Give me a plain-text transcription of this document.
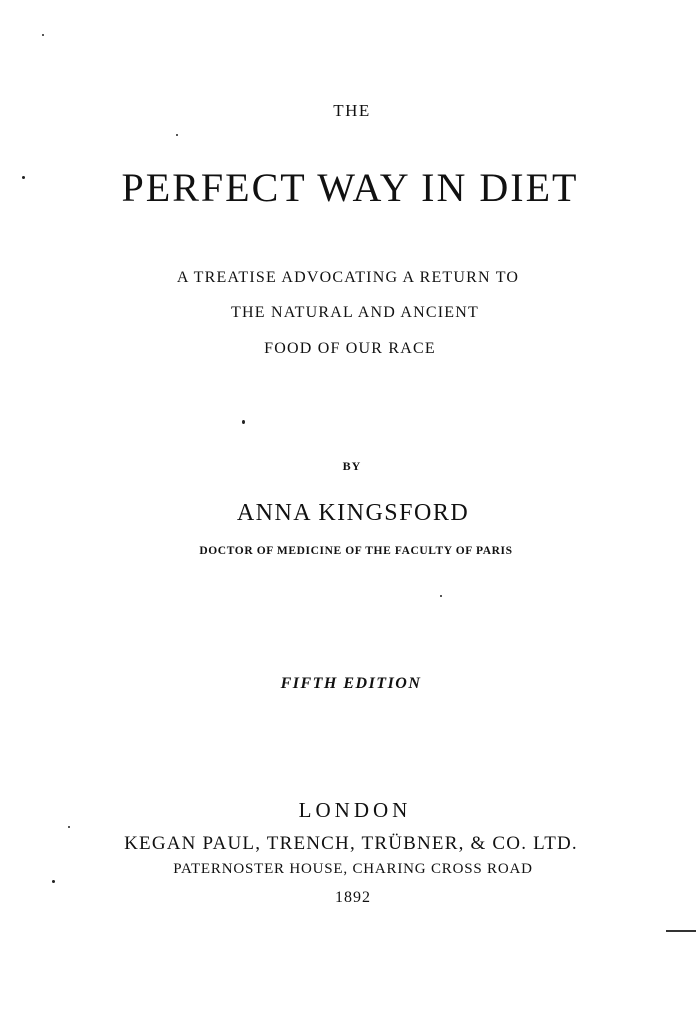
THE
PERFECT WAY IN DIET
A TREATISE ADVOCATING A RETURN TO
THE NATURAL AND ANCIENT
FOOD OF OUR RACE
BY
ANNA KINGSFORD
DOCTOR OF MEDICINE OF THE FACULTY OF PARIS
FIFTH EDITION
LONDON
KEGAN PAUL, TRENCH, TRÜBNER, & CO. LTD.
PATERNOSTER HOUSE, CHARING CROSS ROAD
1892
